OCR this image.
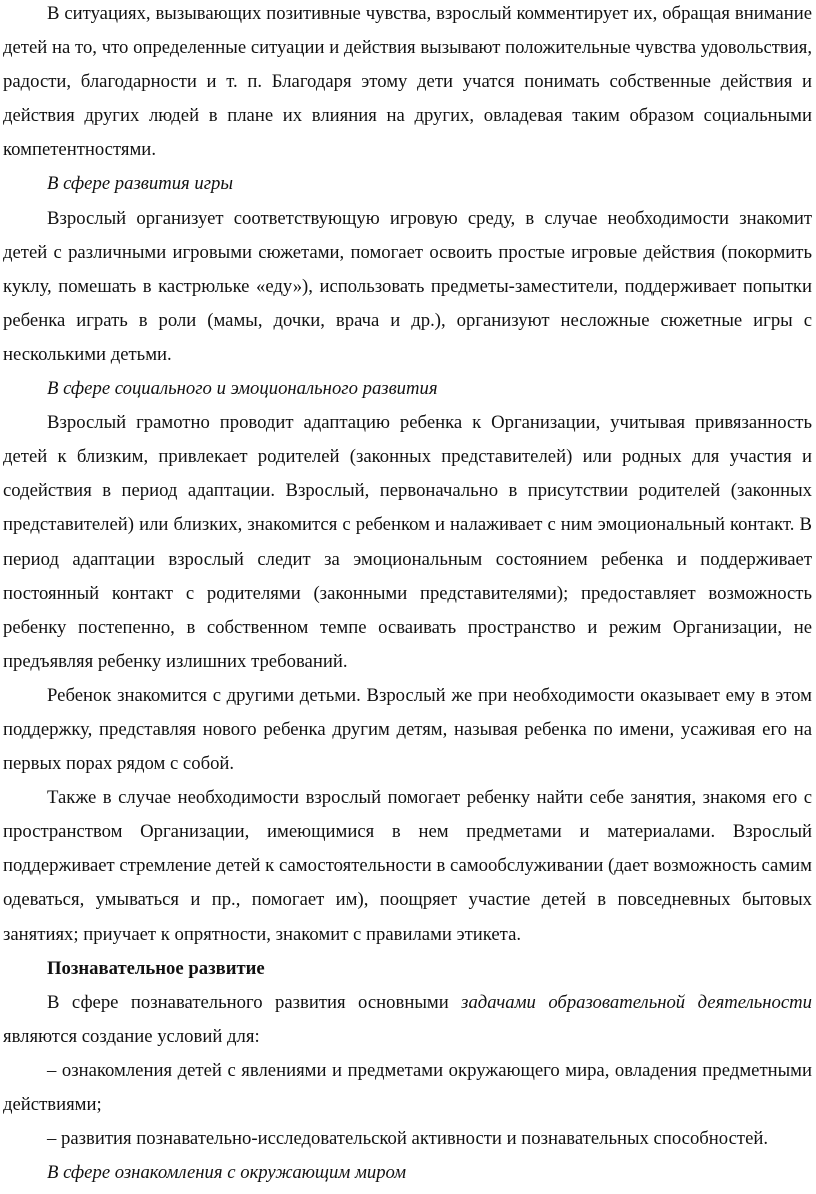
В ситуациях, вызывающих позитивные чувства, взрослый комментирует их, обращая внимание детей на то, что определенные ситуации и действия вызывают положительные чувства удовольствия, радости, благодарности и т. п. Благодаря этому дети учатся понимать собственные действия и действия других людей в плане их влияния на других, овладевая таким образом социальными компетентностями.

В сфере развития игры

Взрослый организует соответствующую игровую среду, в случае необходимости знакомит детей с различными игровыми сюжетами, помогает освоить простые игровые действия (покормить куклу, помешать в кастрюльке «еду»), использовать предметы-заместители, поддерживает попытки ребенка играть в роли (мамы, дочки, врача и др.), организуют несложные сюжетные игры с несколькими детьми.

В сфере социального и эмоционального развития

Взрослый грамотно проводит адаптацию ребенка к Организации, учитывая привязанность детей к близким, привлекает родителей (законных представителей) или родных для участия и содействия в период адаптации. Взрослый, первоначально в присутствии родителей (законных представителей) или близких, знакомится с ребенком и налаживает с ним эмоциональный контакт. В период адаптации взрослый следит за эмоциональным состоянием ребенка и поддерживает постоянный контакт с родителями (законными представителями); предоставляет возможность ребенку постепенно, в собственном темпе осваивать пространство и режим Организации, не предъявляя ребенку излишних требований.

Ребенок знакомится с другими детьми. Взрослый же при необходимости оказывает ему в этом поддержку, представляя нового ребенка другим детям, называя ребенка по имени, усаживая его на первых порах рядом с собой.

Также в случае необходимости взрослый помогает ребенку найти себе занятия, знакомя его с пространством Организации, имеющимися в нем предметами и материалами. Взрослый поддерживает стремление детей к самостоятельности в самообслуживании (дает возможность самим одеваться, умываться и пр., помогает им), поощряет участие детей в повседневных бытовых занятиях; приучает к опрятности, знакомит с правилами этикета.

Познавательное развитие

В сфере познавательного развития основными задачами образовательной деятельности являются создание условий для:

– ознакомления детей с явлениями и предметами окружающего мира, овладения предметными действиями;

– развития познавательно-исследовательской активности и познавательных способностей.

В сфере ознакомления с окружающим миром
